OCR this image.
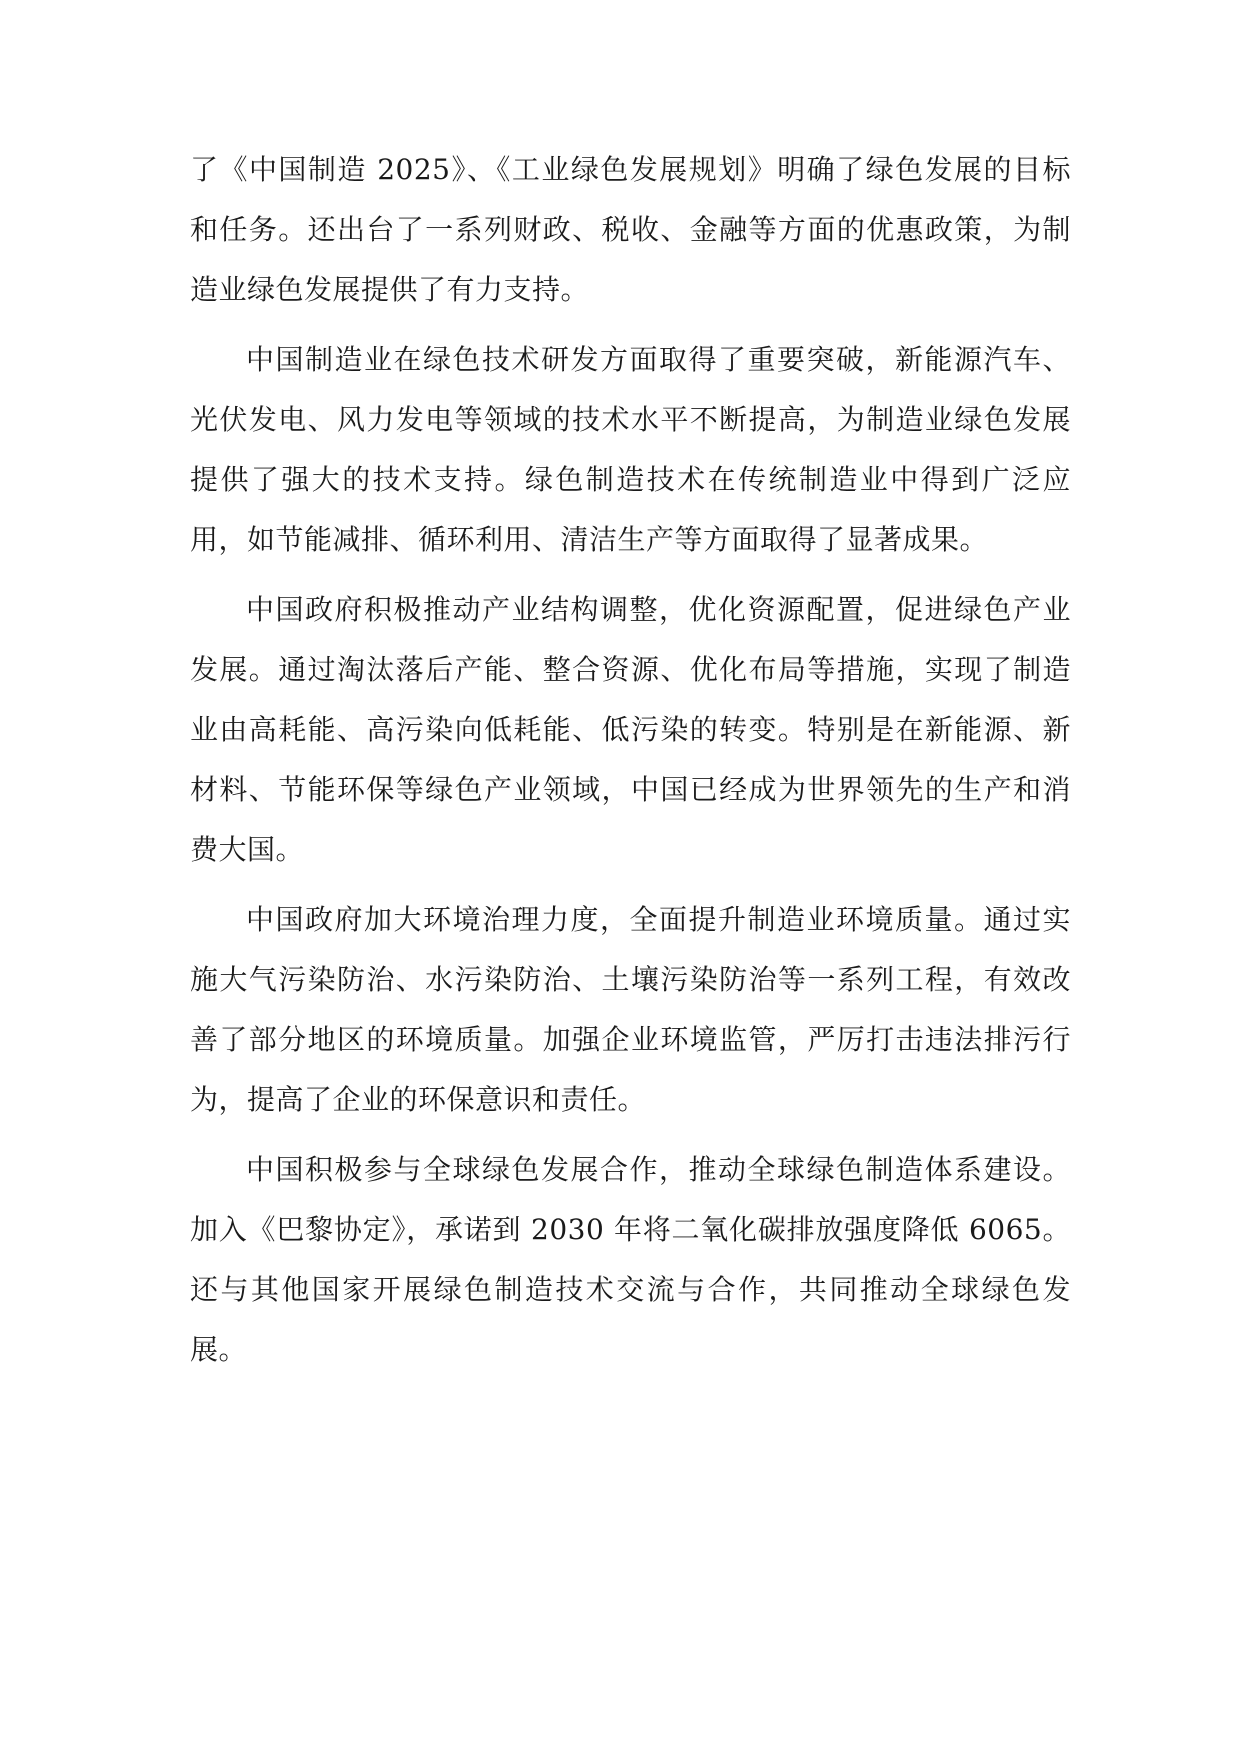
了《中国制造 2025》、《工业绿色发展规划》明确了绿色发展的目标和任务。还出台了一系列财政、税收、金融等方面的优惠政策，为制造业绿色发展提供了有力支持。

中国制造业在绿色技术研发方面取得了重要突破，新能源汽车、光伏发电、风力发电等领域的技术水平不断提高，为制造业绿色发展提供了强大的技术支持。绿色制造技术在传统制造业中得到广泛应用，如节能减排、循环利用、清洁生产等方面取得了显著成果。

中国政府积极推动产业结构调整，优化资源配置，促进绿色产业发展。通过淘汰落后产能、整合资源、优化布局等措施，实现了制造业由高耗能、高污染向低耗能、低污染的转变。特别是在新能源、新材料、节能环保等绿色产业领域，中国已经成为世界领先的生产和消费大国。

中国政府加大环境治理力度，全面提升制造业环境质量。通过实施大气污染防治、水污染防治、土壤污染防治等一系列工程，有效改善了部分地区的环境质量。加强企业环境监管，严厉打击违法排污行为，提高了企业的环保意识和责任。

中国积极参与全球绿色发展合作，推动全球绿色制造体系建设。加入《巴黎协定》，承诺到 2030 年将二氧化碳排放强度降低 6065。还与其他国家开展绿色制造技术交流与合作，共同推动全球绿色发展。
